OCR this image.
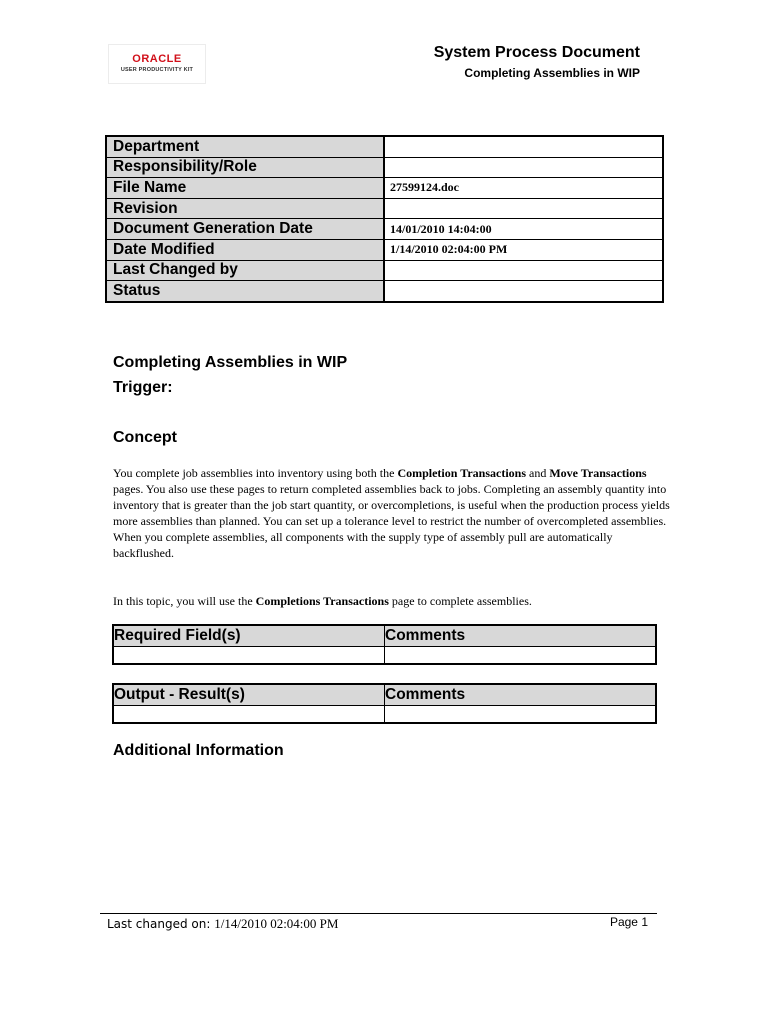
ORACLE
USER PRODUCTIVITY KIT
System Process Document
Completing Assemblies in WIP
Department	
Responsibility/Role	
File Name	27599124.doc
Revision	
Document Generation Date	14/01/2010 14:04:00
Date Modified	1/14/2010 02:04:00 PM
Last Changed by	
Status	
Completing Assemblies in WIP
Trigger:
Concept
You complete job assemblies into inventory using both the Completion Transactions and Move Transactions pages. You also use these pages to return completed assemblies back to jobs. Completing an assembly quantity into inventory that is greater than the job start quantity, or overcompletions, is useful when the production process yields more assemblies than planned. You can set up a tolerance level to restrict the number of overcompleted assemblies. When you complete assemblies, all components with the supply type of assembly pull are automatically backflushed.
In this topic, you will use the Completions Transactions page to complete assemblies.
Required Field(s)	Comments

Output - Result(s)	Comments

Additional Information
Last changed on: 1/14/2010 02:04:00 PM	Page 1
